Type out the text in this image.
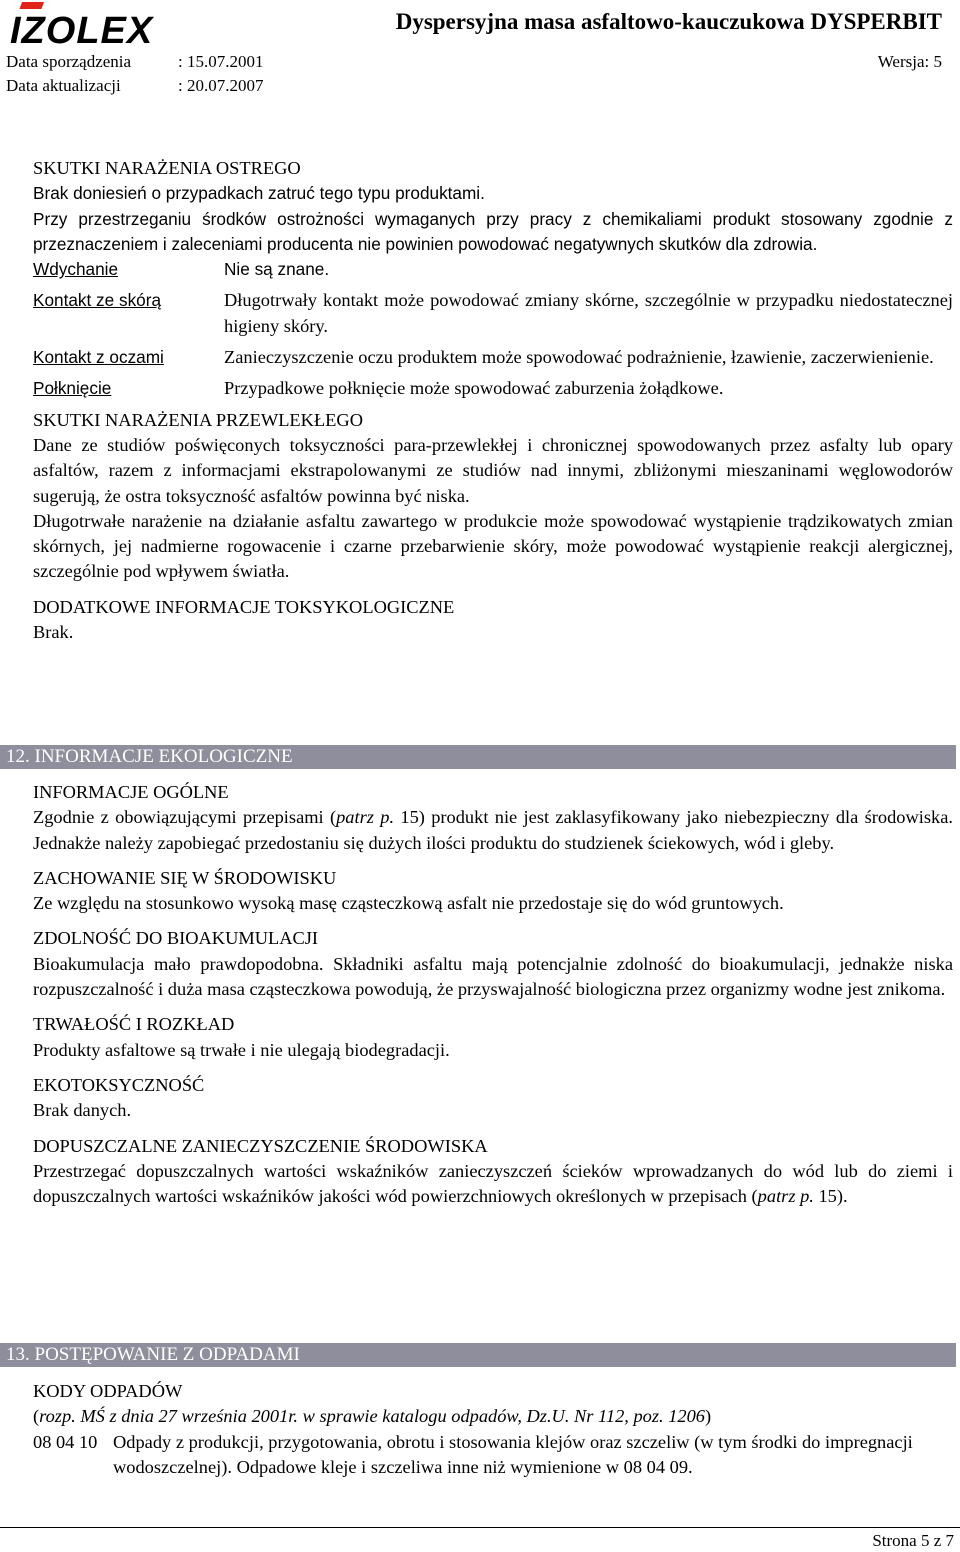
IZOLEX	Dyspersyjna masa asfaltowo-kauczukowa DYSPERBIT
Data sporządzenia	: 15.07.2001	Wersja: 5
Data aktualizacji	: 20.07.2007

SKUTKI NARAŻENIA OSTREGO

Brak doniesień o przypadkach zatruć tego typu produktami.

Przy przestrzeganiu środków ostrożności wymaganych przy pracy z chemikaliami produkt stosowany zgodnie z przeznaczeniem i zaleceniami producenta nie powinien powodować negatywnych skutków dla zdrowia.

Wdychanie	Nie są znane.
Kontakt ze skórą	Długotrwały kontakt może powodować zmiany skórne, szczególnie w przypadku niedostatecznej higieny skóry.
Kontakt z oczami	Zanieczyszczenie oczu produktem może spowodować podrażnienie, łzawienie, zaczerwienienie.
Połknięcie	Przypadkowe połknięcie może spowodować zaburzenia żołądkowe.

SKUTKI NARAŻENIA PRZEWLEKŁEGO

Dane ze studiów poświęconych toksyczności para-przewlekłej i chronicznej spowodowanych przez asfalty lub opary asfaltów, razem z informacjami ekstrapolowanymi ze studiów nad innymi, zbliżonymi mieszaninami węglowodorów sugerują, że ostra toksyczność asfaltów powinna być niska.

Długotrwałe narażenie na działanie asfaltu zawartego w produkcie może spowodować wystąpienie trądzikowatych zmian skórnych, jej nadmierne rogowacenie i czarne przebarwienie skóry, może powodować wystąpienie reakcji alergicznej, szczególnie pod wpływem światła.

DODATKOWE INFORMACJE TOKSYKOLOGICZNE

Brak.

12. INFORMACJE EKOLOGICZNE

INFORMACJE OGÓLNE

Zgodnie z obowiązującymi przepisami (patrz p. 15) produkt nie jest zaklasyfikowany jako niebezpieczny dla środowiska. Jednakże należy zapobiegać przedostaniu się dużych ilości produktu do studzienek ściekowych, wód i gleby.

ZACHOWANIE SIĘ W ŚRODOWISKU

Ze względu na stosunkowo wysoką masę cząsteczkową asfalt nie przedostaje się do wód gruntowych.

ZDOLNOŚĆ DO BIOAKUMULACJI

Bioakumulacja mało prawdopodobna. Składniki asfaltu mają potencjalnie zdolność do bioakumulacji, jednakże niska rozpuszczalność i duża masa cząsteczkowa powodują, że przyswajalność biologiczna przez organizmy wodne jest znikoma.

TRWAŁOŚĆ I ROZKŁAD

Produkty asfaltowe są trwałe i nie ulegają biodegradacji.

EKOTOKSYCZNOŚĆ

Brak danych.

DOPUSZCZALNE ZANIECZYSZCZENIE ŚRODOWISKA

Przestrzegać dopuszczalnych wartości wskaźników zanieczyszczeń ścieków wprowadzanych do wód lub do ziemi i dopuszczalnych wartości wskaźników jakości wód powierzchniowych określonych w przepisach (patrz p. 15).

13. POSTĘPOWANIE Z ODPADAMI

KODY ODPADÓW

(rozp. MŚ z dnia 27 września 2001r. w sprawie katalogu odpadów, Dz.U. Nr 112, poz. 1206)

08 04 10 Odpady z produkcji, przygotowania, obrotu i stosowania klejów oraz szczeliw (w tym środki do impregnacji wodoszczelnej). Odpadowe kleje i szczeliwa inne niż wymienione w 08 04 09.
Strona 5 z 7
